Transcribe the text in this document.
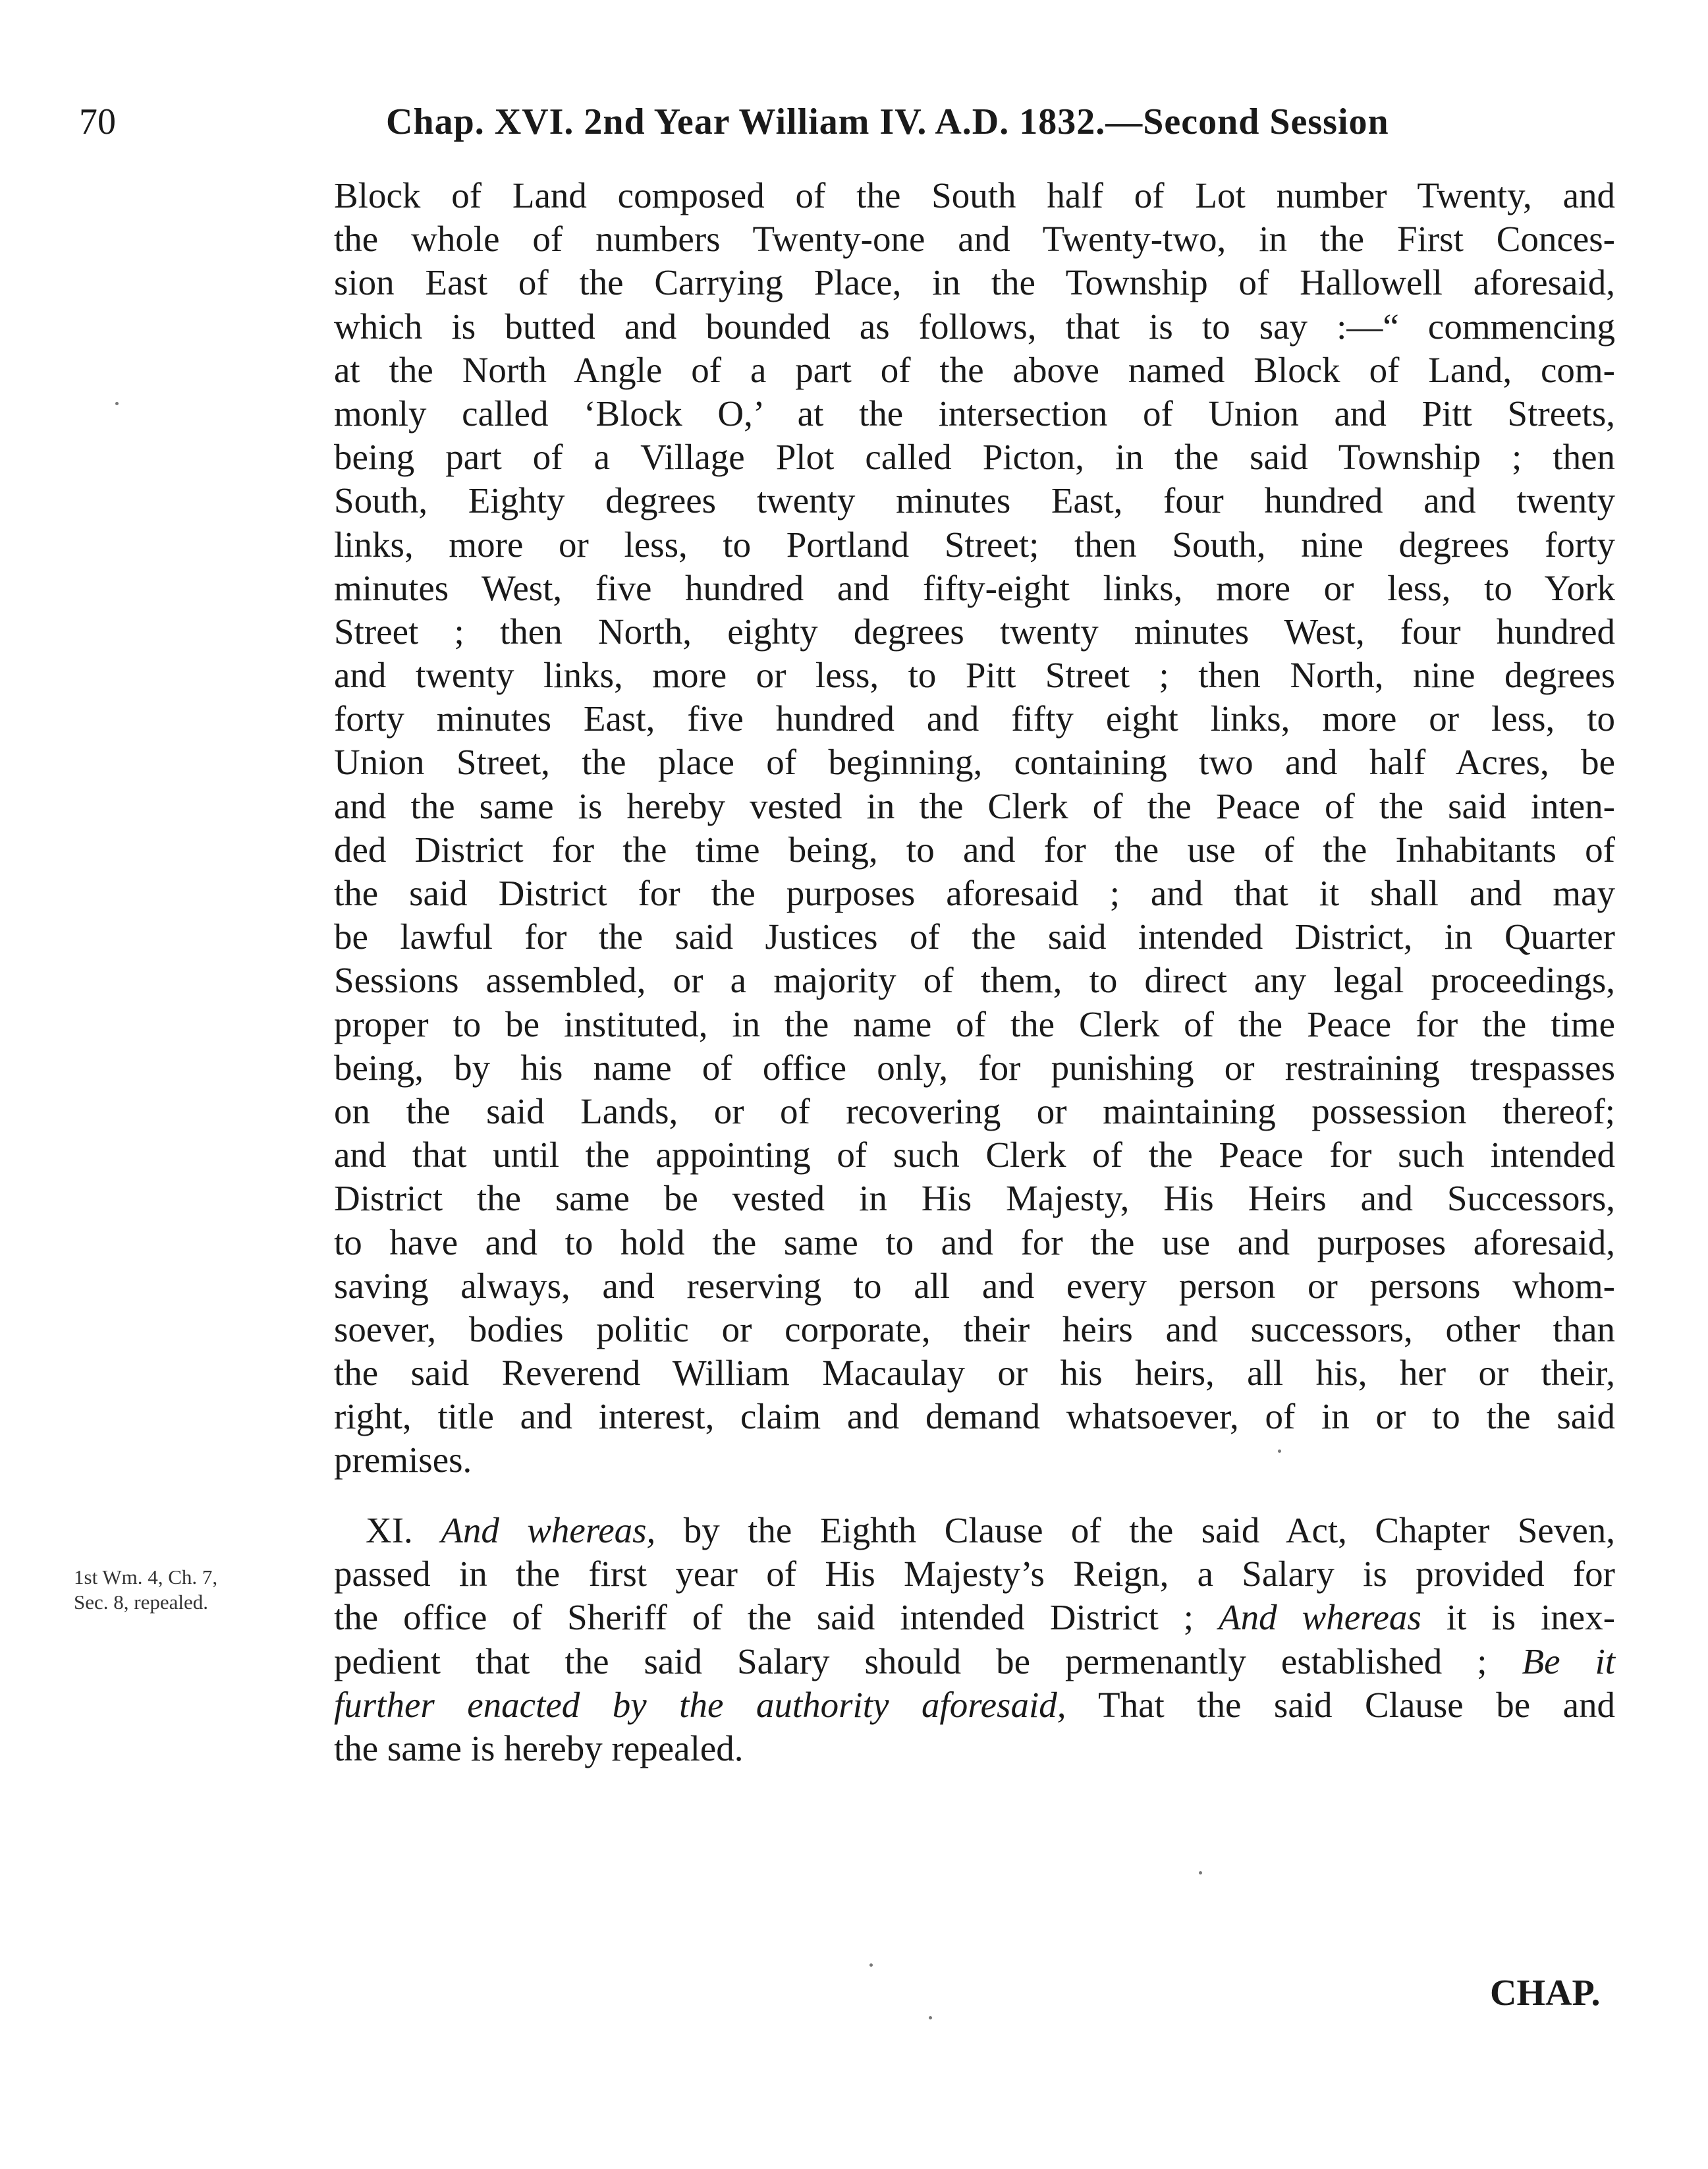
70	Chap. XVI. 2nd Year William IV. A.D. 1832.—Second Session
Block of Land composed of the South half of Lot number Twenty, and
the whole of numbers Twenty-one and Twenty-two, in the First Conces-
sion East of the Carrying Place, in the Township of Hallowell aforesaid,
which is butted and bounded as follows, that is to say :—“ commencing
at the North Angle of a part of the above named Block of Land, com-
monly called ‘Block O,’ at the intersection of Union and Pitt Streets,
being part of a Village Plot called Picton, in the said Township ; then
South, Eighty degrees twenty minutes East, four hundred and twenty
links, more or less, to Portland Street; then South, nine degrees forty
minutes West, five hundred and fifty-eight links, more or less, to York
Street ; then North, eighty degrees twenty minutes West, four hundred
and twenty links, more or less, to Pitt Street ; then North, nine degrees
forty minutes East, five hundred and fifty eight links, more or less, to
Union Street, the place of beginning, containing two and half Acres, be
and the same is hereby vested in the Clerk of the Peace of the said inten-
ded District for the time being, to and for the use of the Inhabitants of
the said District for the purposes aforesaid ; and that it shall and may
be lawful for the said Justices of the said intended District, in Quarter
Sessions assembled, or a majority of them, to direct any legal proceedings,
proper to be instituted, in the name of the Clerk of the Peace for the time
being, by his name of office only, for punishing or restraining trespasses
on the said Lands, or of recovering or maintaining possession thereof;
and that until the appointing of such Clerk of the Peace for such intended
District the same be vested in His Majesty, His Heirs and Successors,
to have and to hold the same to and for the use and purposes aforesaid,
saving always, and reserving to all and every person or persons whom-
soever, bodies politic or corporate, their heirs and successors, other than
the said Reverend William Macaulay or his heirs, all his, her or their,
right, title and interest, claim and demand whatsoever, of in or to the said
premises.
1st Wm. 4, Ch. 7,
Sec. 8, repealed.
XI. And whereas, by the Eighth Clause of the said Act, Chapter Seven,
passed in the first year of His Majesty’s Reign, a Salary is provided for
the office of Sheriff of the said intended District ; And whereas it is inex-
pedient that the said Salary should be permenantly established ; Be it
further enacted by the authority aforesaid, That the said Clause be and
the same is hereby repealed.
CHAP.
